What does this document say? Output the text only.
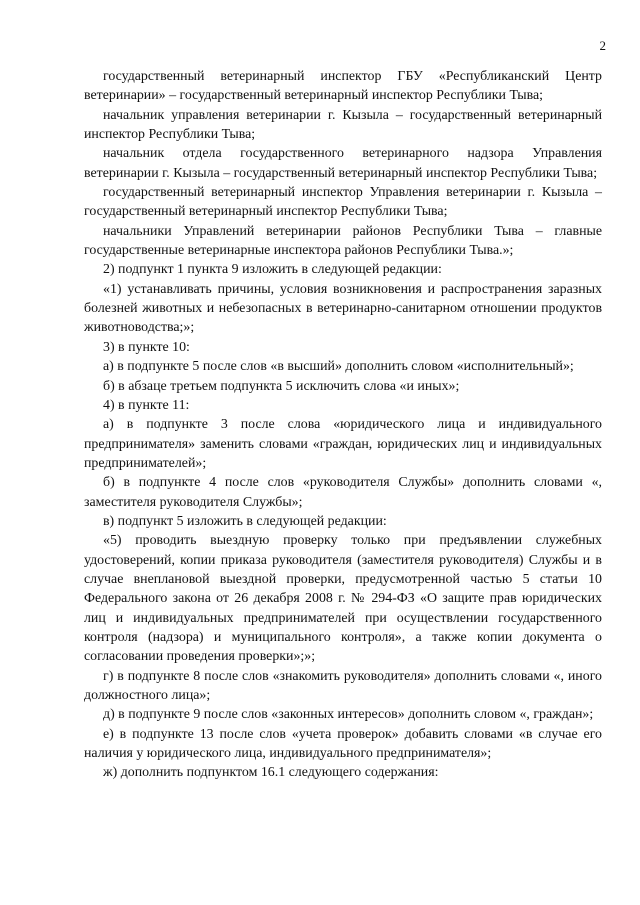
2

государственный ветеринарный инспектор ГБУ «Республиканский Центр ветеринарии» – государственный ветеринарный инспектор Республики Тыва;

начальник управления ветеринарии г. Кызыла – государственный ветеринарный инспектор Республики Тыва;

начальник отдела государственного ветеринарного надзора Управления ветеринарии г. Кызыла – государственный ветеринарный инспектор Республики Тыва;

государственный ветеринарный инспектор Управления ветеринарии г. Кызыла – государственный ветеринарный инспектор Республики Тыва;

начальники Управлений ветеринарии районов Республики Тыва – главные государственные ветеринарные инспектора районов Республики Тыва.»;

2) подпункт 1 пункта 9 изложить в следующей редакции:

«1) устанавливать причины, условия возникновения и распространения заразных болезней животных и небезопасных в ветеринарно-санитарном отношении продуктов животноводства;»;

3) в пункте 10:

а) в подпункте 5 после слов «в высший» дополнить словом «исполнительный»;

б) в абзаце третьем подпункта 5 исключить слова «и иных»;

4) в пункте 11:

а) в подпункте 3 после слова «юридического лица и индивидуального предпринимателя» заменить словами «граждан, юридических лиц и индивидуальных предпринимателей»;

б) в подпункте 4 после слов «руководителя Службы» дополнить словами «, заместителя руководителя Службы»;

в) подпункт 5 изложить в следующей редакции:

«5) проводить выездную проверку только при предъявлении служебных удостоверений, копии приказа руководителя (заместителя руководителя) Службы и в случае внеплановой выездной проверки, предусмотренной частью 5 статьи 10 Федерального закона от 26 декабря 2008 г. № 294-ФЗ «О защите прав юридических лиц и индивидуальных предпринимателей при осуществлении государственного контроля (надзора) и муниципального контроля», а также копии документа о согласовании проведения проверки»;»;

г) в подпункте 8 после слов «знакомить руководителя» дополнить словами «, иного должностного лица»;

д) в подпункте 9 после слов «законных интересов» дополнить словом «, граждан»;

е) в подпункте 13 после слов «учета проверок» добавить словами «в случае его наличия у юридического лица, индивидуального предпринимателя»;

ж) дополнить подпунктом 16.1 следующего содержания:
